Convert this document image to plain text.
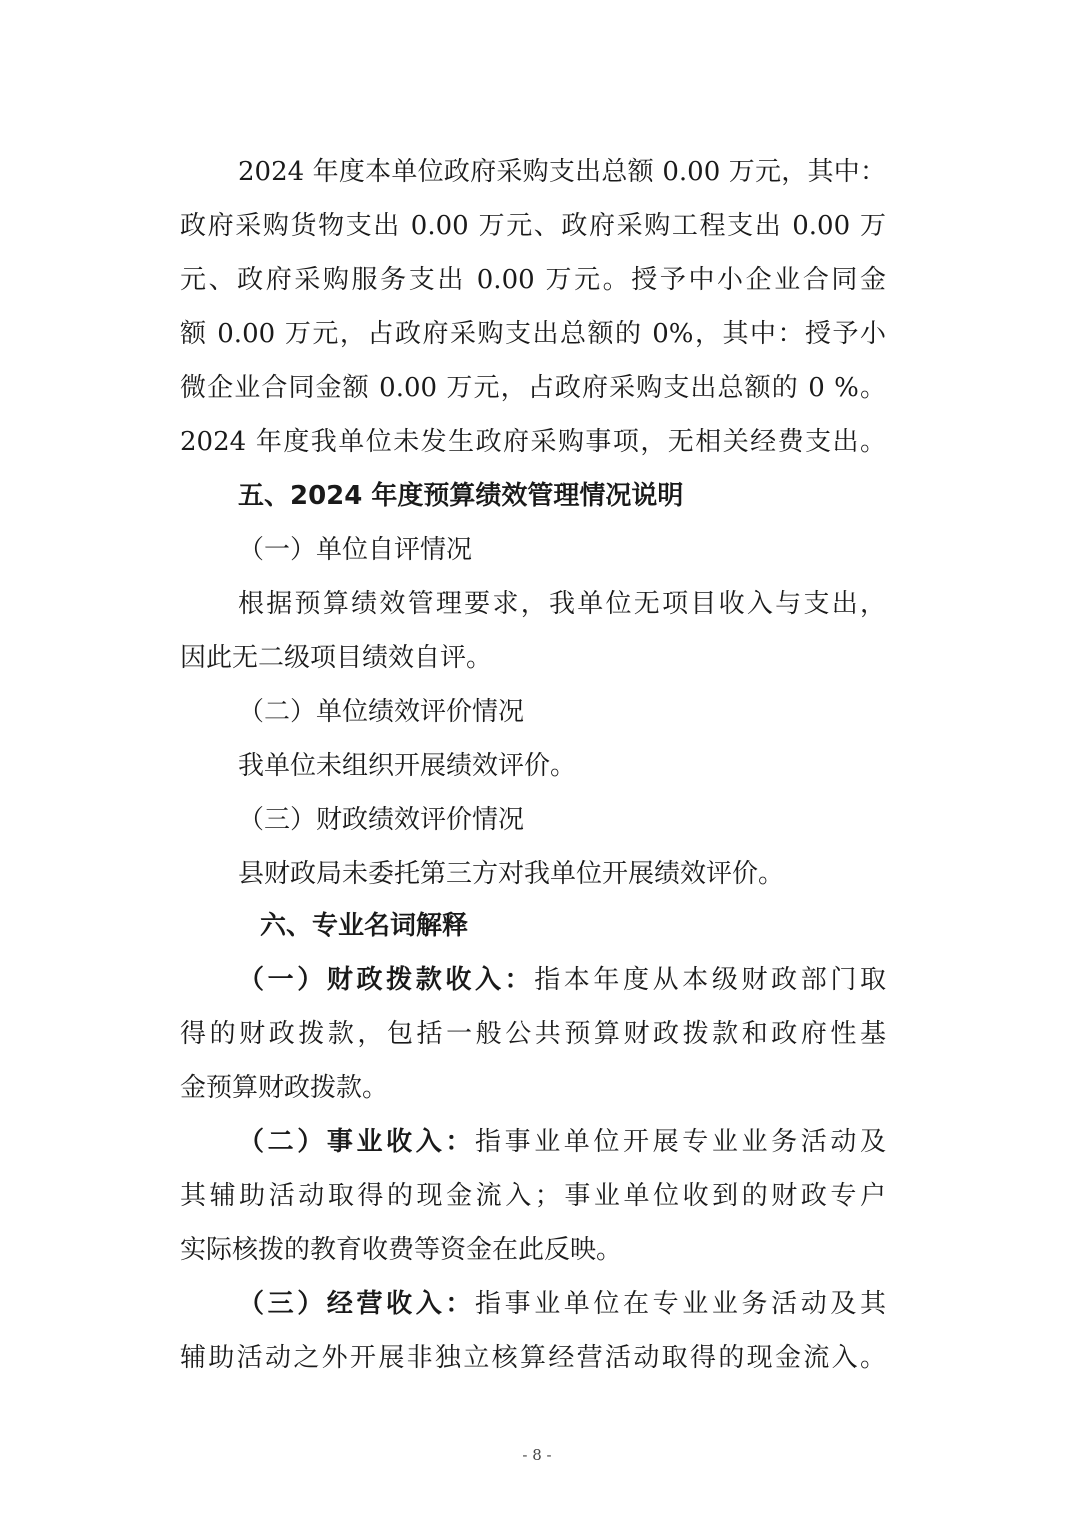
2024 年度本单位政府采购支出总额 0.00 万元，其中：
政府采购货物支出 0.00 万元、政府采购工程支出 0.00 万
元、政府采购服务支出 0.00 万元。授予中小企业合同金
额 0.00 万元，占政府采购支出总额的 0%，其中：授予小
微企业合同金额 0.00 万元，占政府采购支出总额的 0 %。
2024 年度我单位未发生政府采购事项，无相关经费支出。
五、2024 年度预算绩效管理情况说明
（一）单位自评情况
根据预算绩效管理要求，我单位无项目收入与支出，
因此无二级项目绩效自评。
（二）单位绩效评价情况
我单位未组织开展绩效评价。
（三）财政绩效评价情况
县财政局未委托第三方对我单位开展绩效评价。
六、专业名词解释
（一）财政拨款收入：指本年度从本级财政部门取
得的财政拨款，包括一般公共预算财政拨款和政府性基
金预算财政拨款。
（二）事业收入：指事业单位开展专业业务活动及
其辅助活动取得的现金流入；事业单位收到的财政专户
实际核拨的教育收费等资金在此反映。
（三）经营收入：指事业单位在专业业务活动及其
辅助活动之外开展非独立核算经营活动取得的现金流入。
- 8 -
